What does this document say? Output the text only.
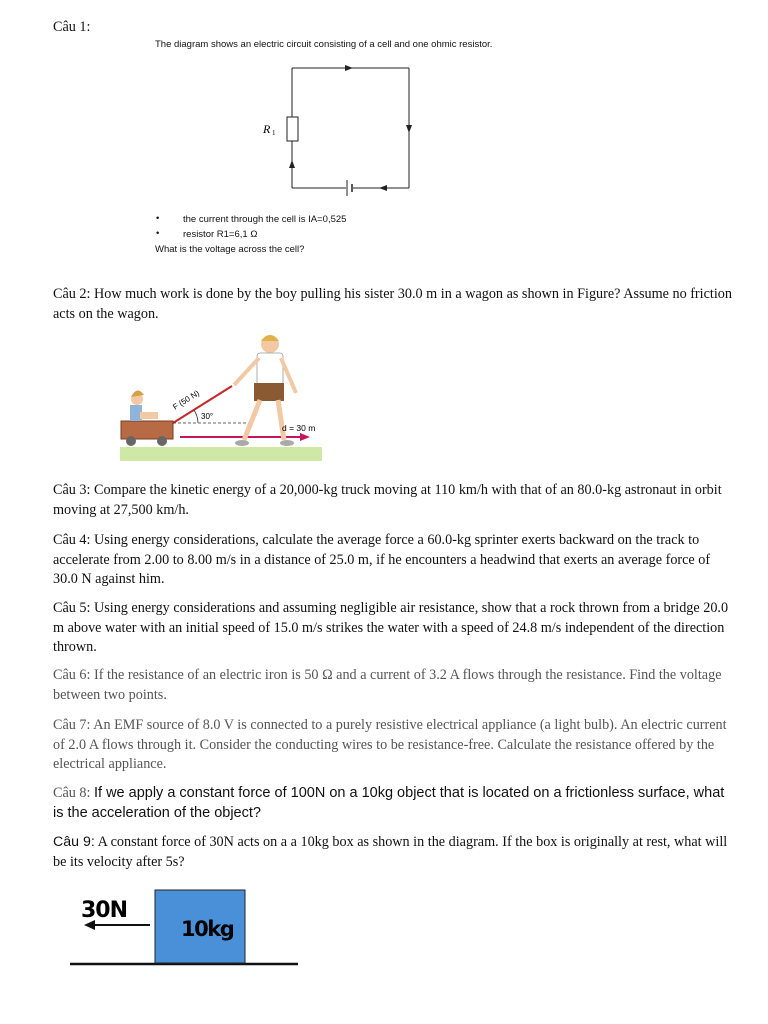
Câu 1:
The diagram shows an electric circuit consisting of a cell and one ohmic resistor.
R 1
• the current through the cell is IA=0,525
• resistor R1=6,1 Ω
What is the voltage across the cell?
Câu 2: How much work is done by the boy pulling his sister 30.0 m in a wagon as shown in Figure? Assume no friction acts on the wagon.
F (50 N)
30°
d = 30 m
Câu 3: Compare the kinetic energy of a 20,000-kg truck moving at 110 km/h with that of an 80.0-kg astronaut in orbit moving at 27,500 km/h.
Câu 4: Using energy considerations, calculate the average force a 60.0-kg sprinter exerts backward on the track to accelerate from 2.00 to 8.00 m/s in a distance of 25.0 m, if he encounters a headwind that exerts an average force of 30.0 N against him.
Câu 5: Using energy considerations and assuming negligible air resistance, show that a rock thrown from a bridge 20.0 m above water with an initial speed of 15.0 m/s strikes the water with a speed of 24.8 m/s independent of the direction thrown.
Câu 6: If the resistance of an electric iron is 50 Ω and a current of 3.2 A flows through the resistance. Find the voltage between two points.
Câu 7: An EMF source of 8.0 V is connected to a purely resistive electrical appliance (a light bulb). An electric current of 2.0 A flows through it. Consider the conducting wires to be resistance-free. Calculate the resistance offered by the electrical appliance.
Câu 8: If we apply a constant force of 100N on a 10kg object that is located on a frictionless surface, what is the acceleration of the object?
Câu 9: A constant force of 30N acts on a a 10kg box as shown in the diagram. If the box is originally at rest, what will be its velocity after 5s?
30N
10kg
